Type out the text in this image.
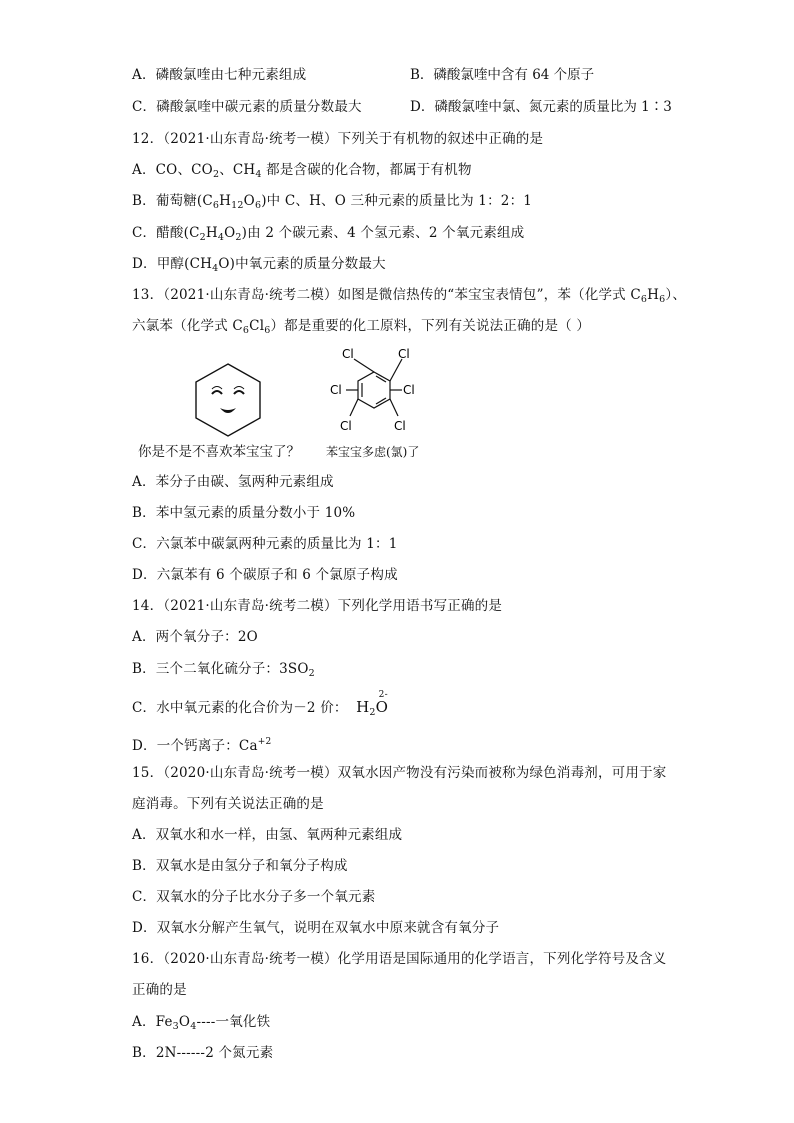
A．磷酸氯喹由七种元素组成	B．磷酸氯喹中含有 64 个原子
C．磷酸氯喹中碳元素的质量分数最大	D．磷酸氯喹中氯、氮元素的质量比为 1∶3
12．（2021·山东青岛·统考一模）下列关于有机物的叙述中正确的是
A．CO、$CO_2$、$CH_4$ 都是含碳的化合物，都属于有机物
B．葡萄糖$(C_6H_{12}O_6)$中 C、H、O 三种元素的质量比为 1：2：1
C．醋酸$(C_2H_4O_2)$由 2 个碳元素、4 个氢元素、2 个氧元素组成
D．甲醇$(CH_4O)$中氧元素的质量分数最大
13．（2021·山东青岛·统考二模）如图是微信热传的“苯宝宝表情包”，苯（化学式 $C_6H_6$）、
六氯苯（化学式 $C_6Cl_6$）都是重要的化工原料，下列有关说法正确的是（ ）
Cl	Cl
Cl	Cl
Cl	Cl
你是不是不喜欢苯宝宝了？ 苯宝宝多虑(氯)了
A．苯分子由碳、氢两种元素组成
B．苯中氢元素的质量分数小于 10%
C．六氯苯中碳氯两种元素的质量比为 1：1
D．六氯苯有 6 个碳原子和 6 个氯原子构成
14．（2021·山东青岛·统考二模）下列化学用语书写正确的是
A．两个氧分子：2O
B．三个二氧化硫分子：$3SO_2$
C．水中氧元素的化合价为－2 价： $H_2$
2-
O
D．一个钙离子：$Ca^{+2}$
15．（2020·山东青岛·统考一模）双氧水因产物没有污染而被称为绿色消毒剂，可用于家
庭消毒。下列有关说法正确的是
A．双氧水和水一样，由氢、氧两种元素组成
B．双氧水是由氢分子和氧分子构成
C．双氧水的分子比水分子多一个氧元素
D．双氧水分解产生氧气，说明在双氧水中原来就含有氧分子
16．（2020·山东青岛·统考一模）化学用语是国际通用的化学语言，下列化学符号及含义
正确的是
A．$Fe_3O_4----$一氧化铁
B．2N------2 个氮元素
